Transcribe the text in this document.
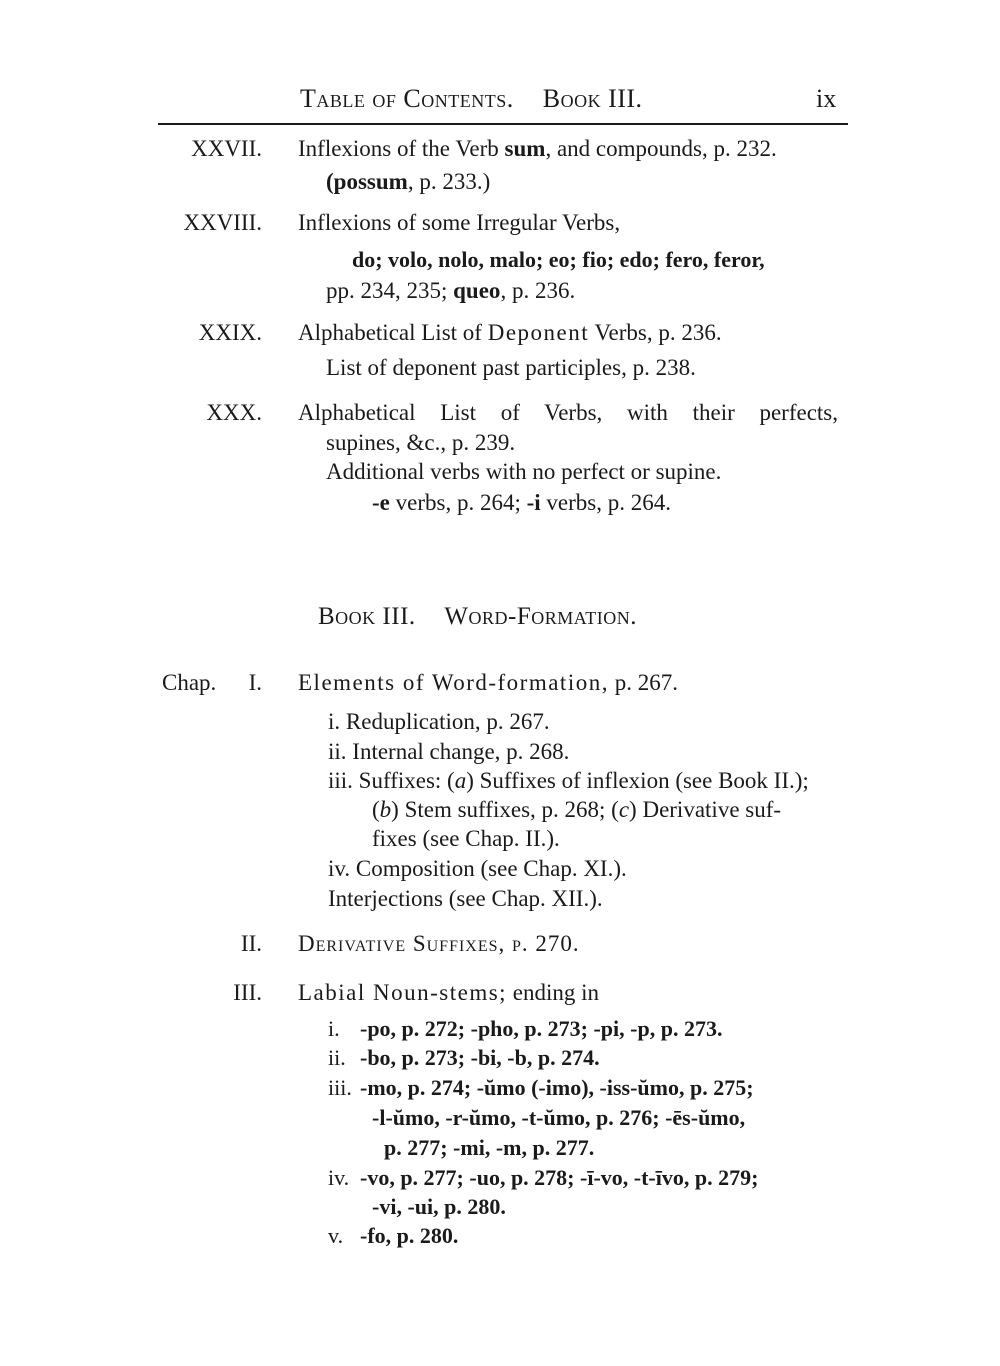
Table of Contents. Book III.	ix
XXVII. Inflexions of the Verb sum, and compounds, p. 232.
(possum, p. 233.)
XXVIII. Inflexions of some Irregular Verbs,
do; volo, nolo, malo; eo; fio; edo; fero, feror,
pp. 234, 235; queo, p. 236.
XXIX. Alphabetical List of Deponent Verbs, p. 236.
List of deponent past participles, p. 238.
XXX. Alphabetical List of Verbs, with their perfects,
supines, &c., p. 239.
Additional verbs with no perfect or supine.
-e verbs, p. 264; -i verbs, p. 264.
Book III. Word-Formation.
Chap.	I. Elements of Word-formation, p. 267.
i. Reduplication, p. 267.
ii. Internal change, p. 268.
iii. Suffixes: (a) Suffixes of inflexion (see Book II.);
(b) Stem suffixes, p. 268; (c) Derivative suf-
fixes (see Chap. II.).
iv. Composition (see Chap. XI.).
Interjections (see Chap. XII.).
II. Derivative Suffixes, p. 270.
III. Labial Noun-stems; ending in
i. -po, p. 272; -pho, p. 273; -pi, -p, p. 273.
ii. -bo, p. 273; -bi, -b, p. 274.
iii. -mo, p. 274; -ŭmo (-imo), -iss-ŭmo, p. 275;
-l-ŭmo, -r-ŭmo, -t-ŭmo, p. 276; -ēs-ŭmo,
p. 277; -mi, -m, p. 277.
iv. -vo, p. 277; -uo, p. 278; -ī-vo, -t-īvo, p. 279;
-vi, -ui, p. 280.
v. -fo, p. 280.
